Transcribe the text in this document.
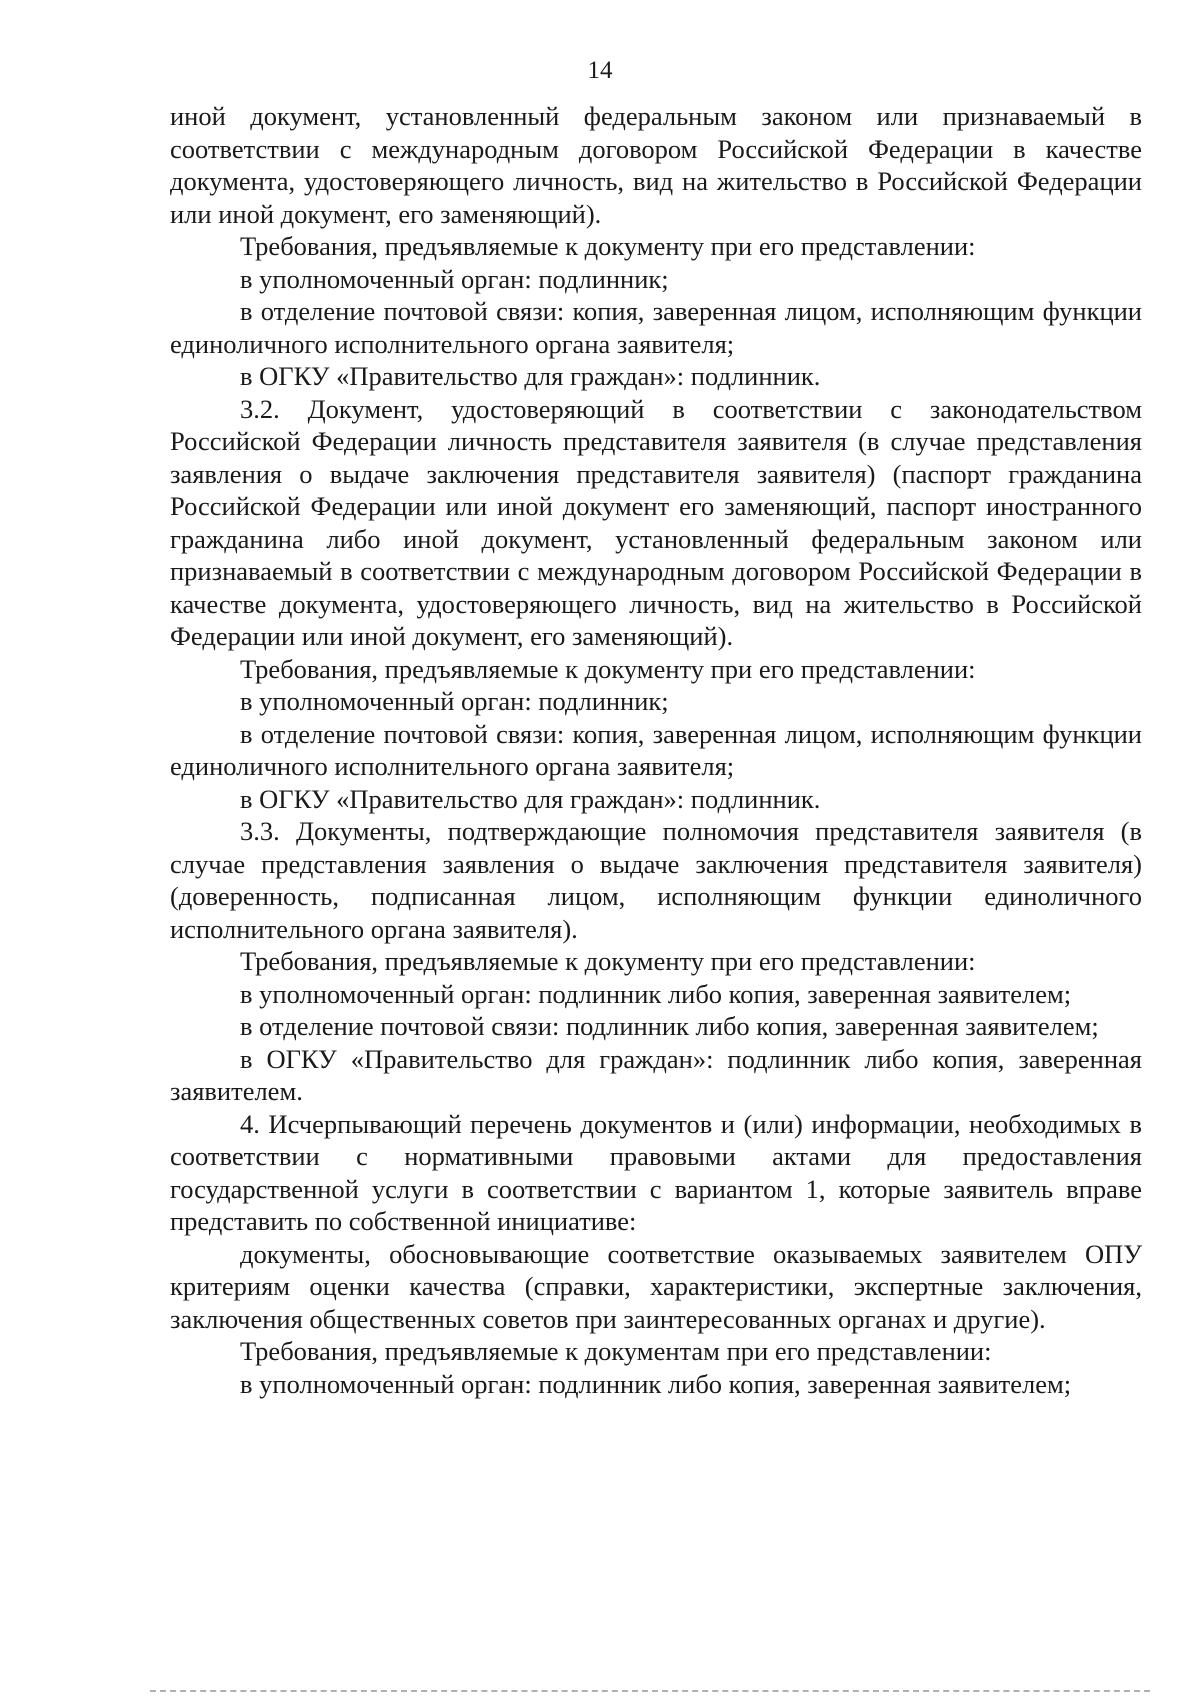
14

иной документ, установленный федеральным законом или признаваемый в соответствии с международным договором Российской Федерации в качестве документа, удостоверяющего личность, вид на жительство в Российской Федерации или иной документ, его заменяющий).

Требования, предъявляемые к документу при его представлении:

в уполномоченный орган: подлинник;

в отделение почтовой связи: копия, заверенная лицом, исполняющим функции единоличного исполнительного органа заявителя;

в ОГКУ «Правительство для граждан»: подлинник.

3.2. Документ, удостоверяющий в соответствии с законодательством Российской Федерации личность представителя заявителя (в случае представления заявления о выдаче заключения представителя заявителя) (паспорт гражданина Российской Федерации или иной документ его заменяющий, паспорт иностранного гражданина либо иной документ, установленный федеральным законом или признаваемый в соответствии с международным договором Российской Федерации в качестве документа, удостоверяющего личность, вид на жительство в Российской Федерации или иной документ, его заменяющий).

Требования, предъявляемые к документу при его представлении:

в уполномоченный орган: подлинник;

в отделение почтовой связи: копия, заверенная лицом, исполняющим функции единоличного исполнительного органа заявителя;

в ОГКУ «Правительство для граждан»: подлинник.

3.3. Документы, подтверждающие полномочия представителя заявителя (в случае представления заявления о выдаче заключения представителя заявителя) (доверенность, подписанная лицом, исполняющим функции единоличного исполнительного органа заявителя).

Требования, предъявляемые к документу при его представлении:

в уполномоченный орган: подлинник либо копия, заверенная заявителем;

в отделение почтовой связи: подлинник либо копия, заверенная заявителем;

в ОГКУ «Правительство для граждан»: подлинник либо копия, заверенная заявителем.

4. Исчерпывающий перечень документов и (или) информации, необходимых в соответствии с нормативными правовыми актами для предоставления государственной услуги в соответствии с вариантом 1, которые заявитель вправе представить по собственной инициативе:

документы, обосновывающие соответствие оказываемых заявителем ОПУ критериям оценки качества (справки, характеристики, экспертные заключения, заключения общественных советов при заинтересованных органах и другие).

Требования, предъявляемые к документам при его представлении:

в уполномоченный орган: подлинник либо копия, заверенная заявителем;
